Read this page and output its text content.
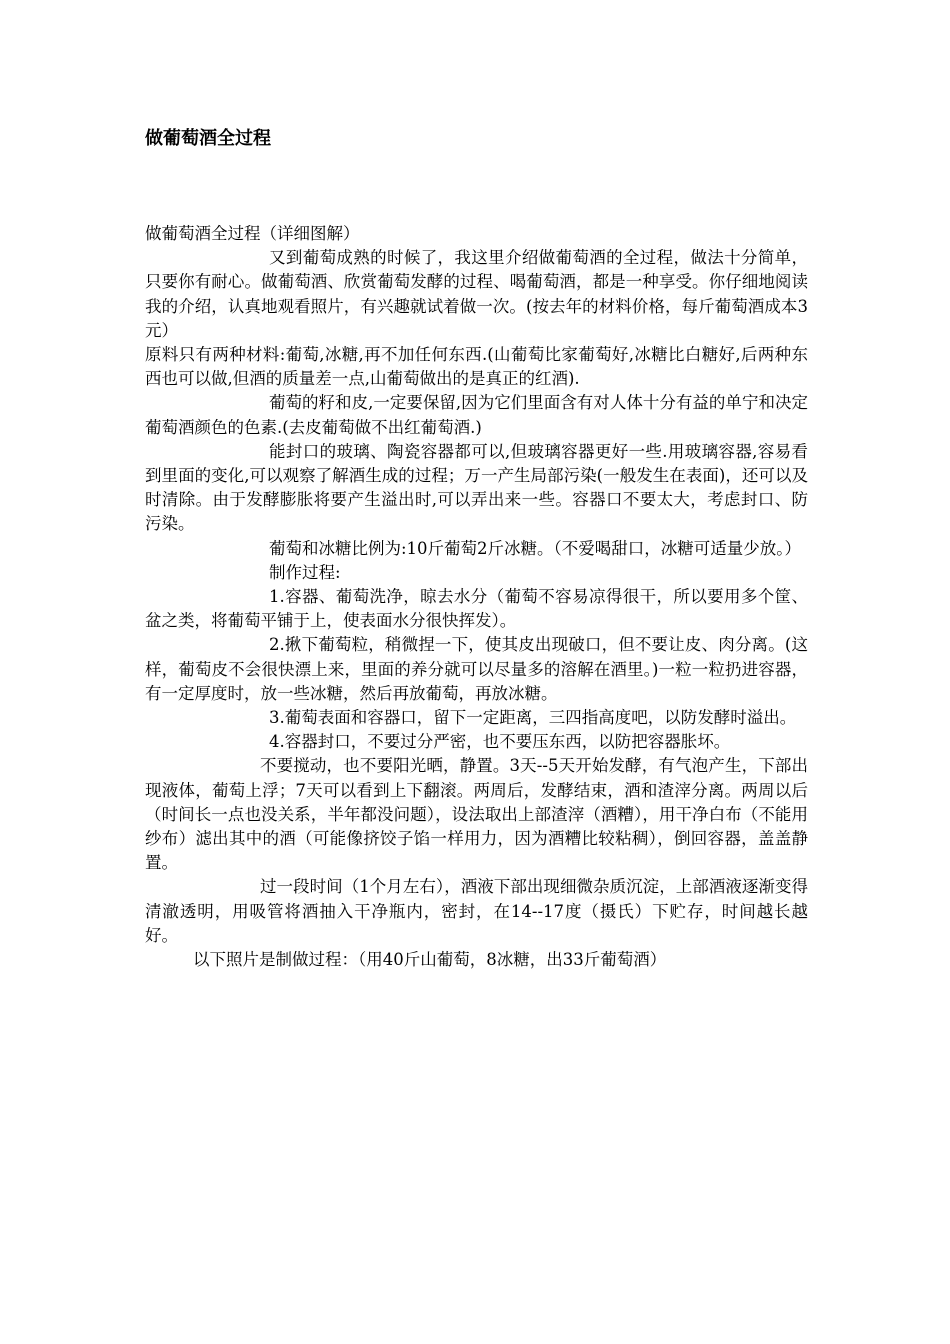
做葡萄酒全过程

做葡萄酒全过程（详细图解）

又到葡萄成熟的时候了，我这里介绍做葡萄酒的全过程，做法十分简单，只要你有耐心。做葡萄酒、欣赏葡萄发酵的过程、喝葡萄酒，都是一种享受。你仔细地阅读我的介绍，认真地观看照片，有兴趣就试着做一次。(按去年的材料价格，每斤葡萄酒成本3元）

原料只有两种材料:葡萄,冰糖,再不加任何东西.(山葡萄比家葡萄好,冰糖比白糖好,后两种东西也可以做,但酒的质量差一点,山葡萄做出的是真正的红酒).

葡萄的籽和皮,一定要保留,因为它们里面含有对人体十分有益的单宁和决定葡萄酒颜色的色素.(去皮葡萄做不出红葡萄酒.)

能封口的玻璃、陶瓷容器都可以,但玻璃容器更好一些.用玻璃容器,容易看到里面的变化,可以观察了解酒生成的过程；万一产生局部污染(一般发生在表面)，还可以及时清除。由于发酵膨胀将要产生溢出时,可以弄出来一些。容器口不要太大，考虑封口、防污染。

葡萄和冰糖比例为:10斤葡萄2斤冰糖。（不爱喝甜口，冰糖可适量少放。）

制作过程:

1.容器、葡萄洗净，晾去水分（葡萄不容易凉得很干，所以要用多个筐、盆之类，将葡萄平铺于上，使表面水分很快挥发）。

2.揪下葡萄粒，稍微捏一下，使其皮出现破口，但不要让皮、肉分离。(这样，葡萄皮不会很快漂上来，里面的养分就可以尽量多的溶解在酒里。)一粒一粒扔进容器，有一定厚度时，放一些冰糖，然后再放葡萄，再放冰糖。

3.葡萄表面和容器口，留下一定距离，三四指高度吧，以防发酵时溢出。

4.容器封口，不要过分严密，也不要压东西，以防把容器胀坏。

不要搅动，也不要阳光晒，静置。3天--5天开始发酵，有气泡产生，下部出现液体，葡萄上浮；7天可以看到上下翻滚。两周后，发酵结束，酒和渣滓分离。两周以后（时间长一点也没关系，半年都没问题），设法取出上部渣滓（酒糟），用干净白布（不能用纱布）滤出其中的酒（可能像挤饺子馅一样用力，因为酒糟比较粘稠），倒回容器，盖盖静置。

过一段时间（1个月左右），酒液下部出现细微杂质沉淀，上部酒液逐渐变得清澈透明，用吸管将酒抽入干净瓶内，密封，在14--17度（摄氏）下贮存，时间越长越好。

以下照片是制做过程：（用40斤山葡萄，8冰糖，出33斤葡萄酒）
